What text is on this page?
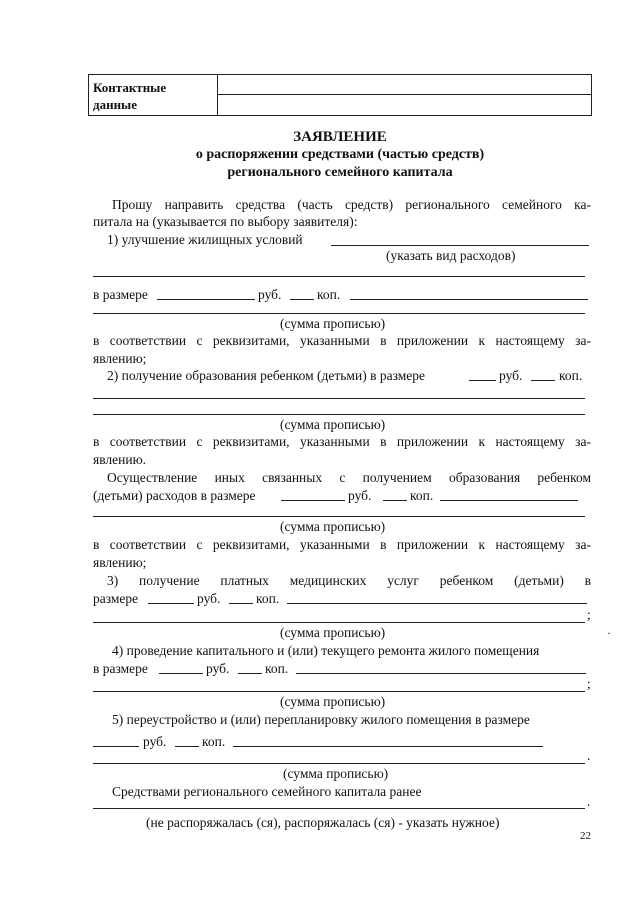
Контактные данные	
ЗАЯВЛЕНИЕ
о распоряжении средствами (частью средств)
регионального семейного капитала
Прошу направить средства (часть средств) регионального семейного ка-
питала на (указывается по выбору заявителя):
1) улучшение жилищных условий
(указать вид расходов)
в размере	руб.	коп.
(сумма прописью)
в соответствии с реквизитами, указанными в приложении к настоящему за-
явлению;
2) получение образования ребенком (детьми) в размере	руб.	коп.
(сумма прописью)
в соответствии с реквизитами, указанными в приложении к настоящему за-
явлению.
Осуществление иных связанных с получением образования ребенком
(детьми) расходов в размере	руб.	коп.
(сумма прописью)
в соответствии с реквизитами, указанными в приложении к настоящему за-
явлению;
3) получение платных медицинских услуг ребенком (детьми) в
размере	руб.	коп.
;
(сумма прописью)
4) проведение капитального и (или) текущего ремонта жилого помещения
в размере	руб.	коп.
;
(сумма прописью)
5) переустройство и (или) перепланировку жилого помещения в размере
руб.	коп.
.
(сумма прописью)
Средствами регионального семейного капитала ранее
.
(не распоряжалась (ся), распоряжалась (ся) - указать нужное)
22
·
